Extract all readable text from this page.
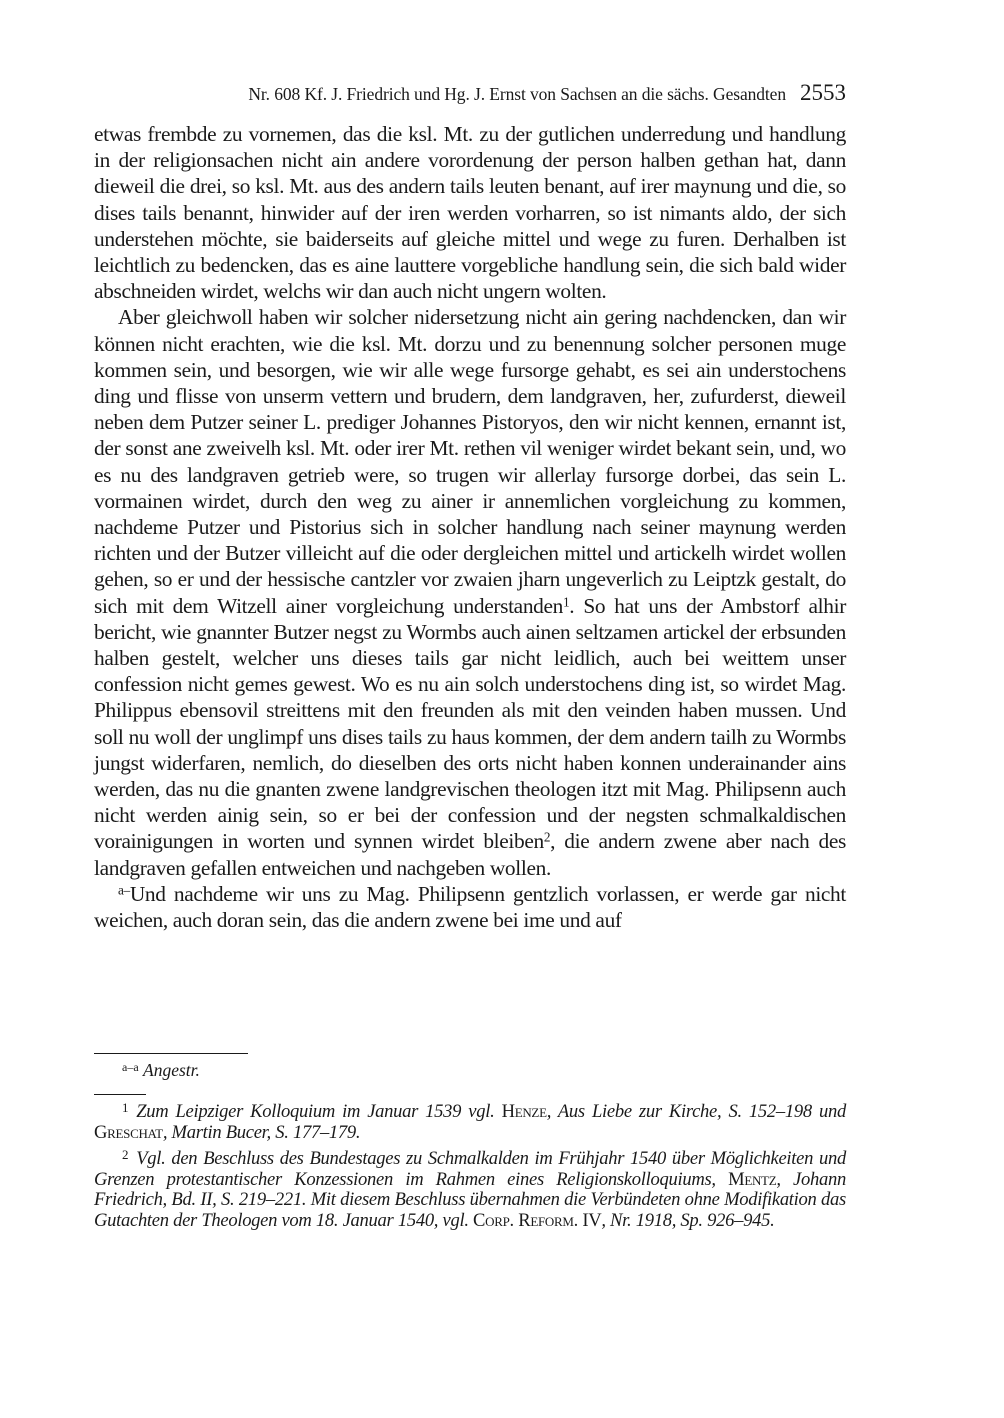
Nr. 608 Kf. J. Friedrich und Hg. J. Ernst von Sachsen an die sächs. Gesandten 2553

etwas frembde zu vornemen, das die ksl. Mt. zu der gutlichen underredung und handlung in der religionsachen nicht ain andere vorordenung der person halben gethan hat, dann dieweil die drei, so ksl. Mt. aus des andern tails leuten benant, auf irer maynung und die, so dises tails benannt, hinwider auf der iren werden vorharren, so ist nimants aldo, der sich understehen möchte, sie baiderseits auf gleiche mittel und wege zu furen. Derhalben ist leichtlich zu bedencken, das es aine lauttere vorgebliche handlung sein, die sich bald wider abschneiden wirdet, welchs wir dan auch nicht ungern wolten.

Aber gleichwoll haben wir solcher nidersetzung nicht ain gering nachdencken, dan wir können nicht erachten, wie die ksl. Mt. dorzu und zu benennung solcher personen muge kommen sein, und besorgen, wie wir alle wege fursorge gehabt, es sei ain understochens ding und flisse von unserm vettern und brudern, dem landgraven, her, zufurderst, dieweil neben dem Putzer seiner L. prediger Johannes Pistoryos, den wir nicht kennen, ernannt ist, der sonst ane zweivelh ksl. Mt. oder irer Mt. rethen vil weniger wirdet bekant sein, und, wo es nu des landgraven getrieb were, so trugen wir allerlay fursorge dorbei, das sein L. vormainen wirdet, durch den weg zu ainer ir annemlichen vorgleichung zu kommen, nachdeme Putzer und Pistorius sich in solcher handlung nach seiner maynung werden richten und der Butzer villeicht auf die oder dergleichen mittel und artickelh wirdet wollen gehen, so er und der hessische cantzler vor zwaien jharn ungeverlich zu Leiptzk gestalt, do sich mit dem Witzell ainer vorgleichung understanden$^1$. So hat uns der Ambstorf alhir bericht, wie gnannter Butzer negst zu Wormbs auch ainen seltzamen artickel der erbsunden halben gestelt, welcher uns dieses tails gar nicht leidlich, auch bei weittem unser confession nicht gemes gewest. Wo es nu ain solch understochens ding ist, so wirdet Mag. Philippus ebensovil streittens mit den freunden als mit den veinden haben mussen. Und soll nu woll der unglimpf uns dises tails zu haus kommen, der dem andern tailh zu Wormbs jungst widerfaren, nemlich, do dieselben des orts nicht haben konnen underainander ains werden, das nu die gnanten zwene landgrevischen theologen itzt mit Mag. Philipsenn auch nicht werden ainig sein, so er bei der confession und der negsten schmalkaldischen vorainigungen in worten und synnen wirdet bleiben$^2$, die andern zwene aber nach des landgraven gefallen entweichen und nachgeben wollen.

$^{a-}$Und nachdeme wir uns zu Mag. Philipsenn gentzlich vorlassen, er werde gar nicht weichen, auch doran sein, das die andern zwene bei ime und auf

$^{a-a}$ Angestr.

$^1$ Zum Leipziger Kolloquium im Januar 1539 vgl. Henze, Aus Liebe zur Kirche, S. 152–198 und Greschat, Martin Bucer, S. 177–179.

$^2$ Vgl. den Beschluss des Bundestages zu Schmalkalden im Frühjahr 1540 über Möglichkeiten und Grenzen protestantischer Konzessionen im Rahmen eines Religionskolloquiums, Mentz, Johann Friedrich, Bd. II, S. 219–221. Mit diesem Beschluss übernahmen die Verbündeten ohne Modifikation das Gutachten der Theologen vom 18. Januar 1540, vgl. Corp. Reform. IV, Nr. 1918, Sp. 926–945.
